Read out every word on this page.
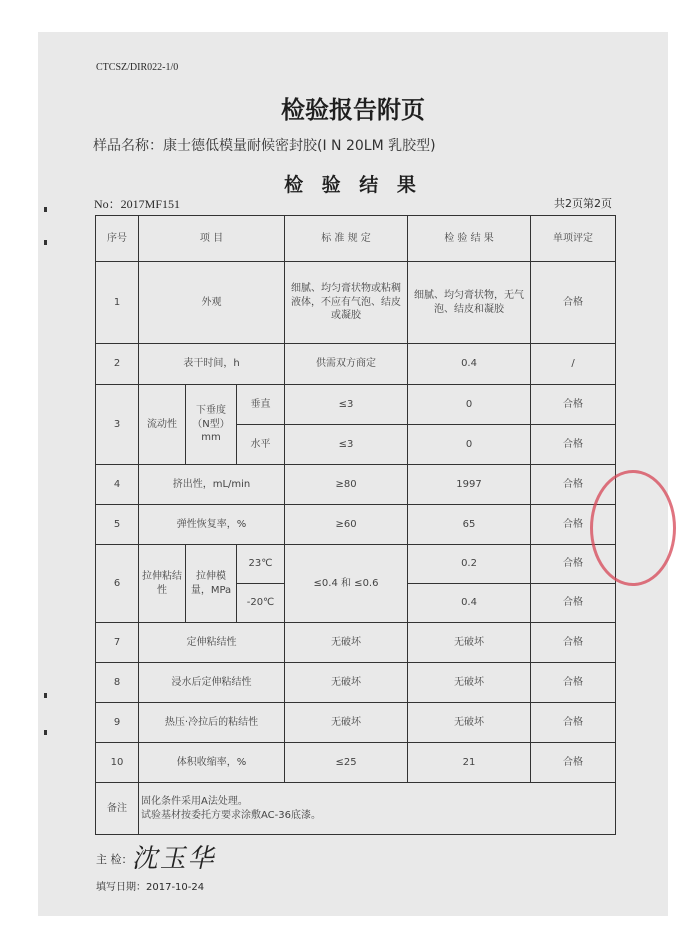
CTCSZ/DIR022-1/0
检验报告附页
样品名称：康士德低模量耐候密封胶(I N 20LM 乳胶型)
检 验 结 果
No：2017MF151	共2页第2页
序号	项 目			标 准 规 定	检 验 结 果	单项评定
1	外观			细腻、均匀膏状物或粘稠液体，不应有气泡、结皮或凝胶	细腻、均匀膏状物，无气泡、结皮和凝胶	合格
2	表干时间，h			供需双方商定	0.4	/
3	流动性	下垂度（N型）mm	垂直	≤3	0	合格
			水平	≤3	0	合格
4	挤出性，mL/min			≥80	1997	合格
5	弹性恢复率，%			≥60	65	合格
6	拉伸粘结性	拉伸模量，MPa	23℃	≤0.4 和 ≤0.6	0.2	合格
			-20℃		0.4	合格
7	定伸粘结性			无破坏	无破坏	合格
8	浸水后定伸粘结性			无破坏	无破坏	合格
9	热压·冷拉后的粘结性			无破坏	无破坏	合格
10	体积收缩率，%			≤25	21	合格
备注	固化条件采用A法处理。
试验基材按委托方要求涂敷AC-36底漆。					
主 检：
沈玉华
填写日期：2017-10-24
